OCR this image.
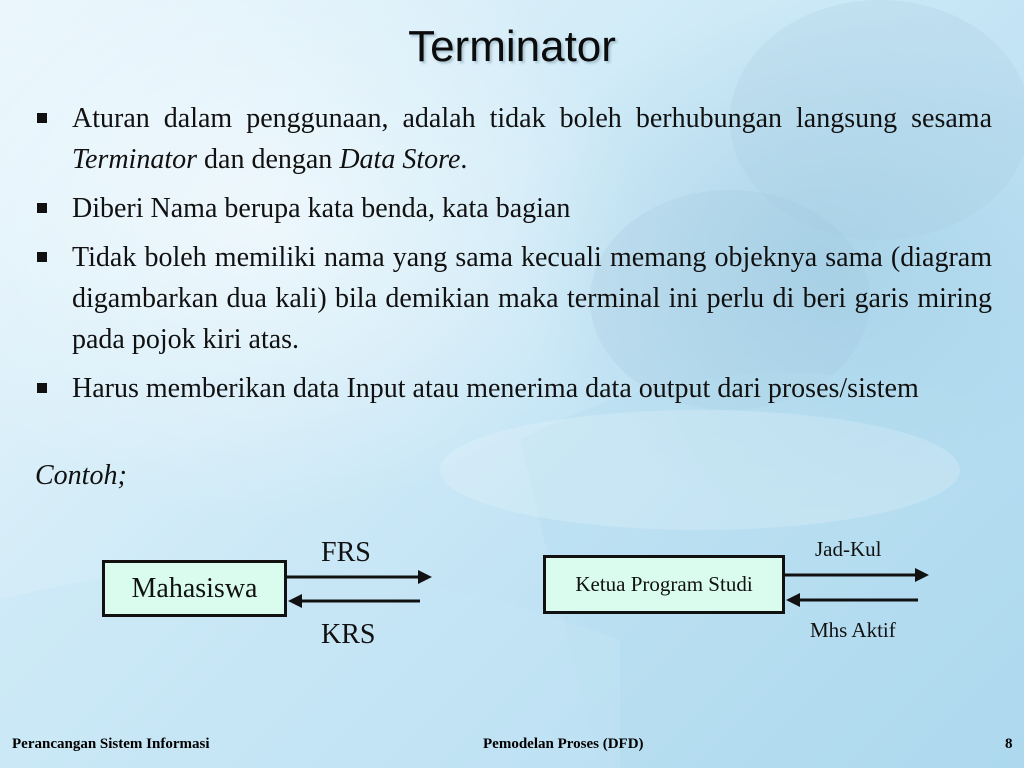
Terminator
Aturan dalam penggunaan, adalah tidak boleh berhubungan langsung sesama Terminator dan dengan Data Store.
Diberi Nama berupa kata benda, kata bagian
Tidak boleh memiliki nama yang sama kecuali memang objeknya sama (diagram digambarkan dua kali) bila demikian maka terminal ini perlu di beri garis miring pada pojok kiri atas.
Harus memberikan data Input atau menerima data output dari proses/sistem
Contoh;
Mahasiswa
FRS
KRS
Ketua Program Studi
Jad-Kul
Mhs Aktif
Perancangan Sistem Informasi	Pemodelan Proses (DFD)	8
